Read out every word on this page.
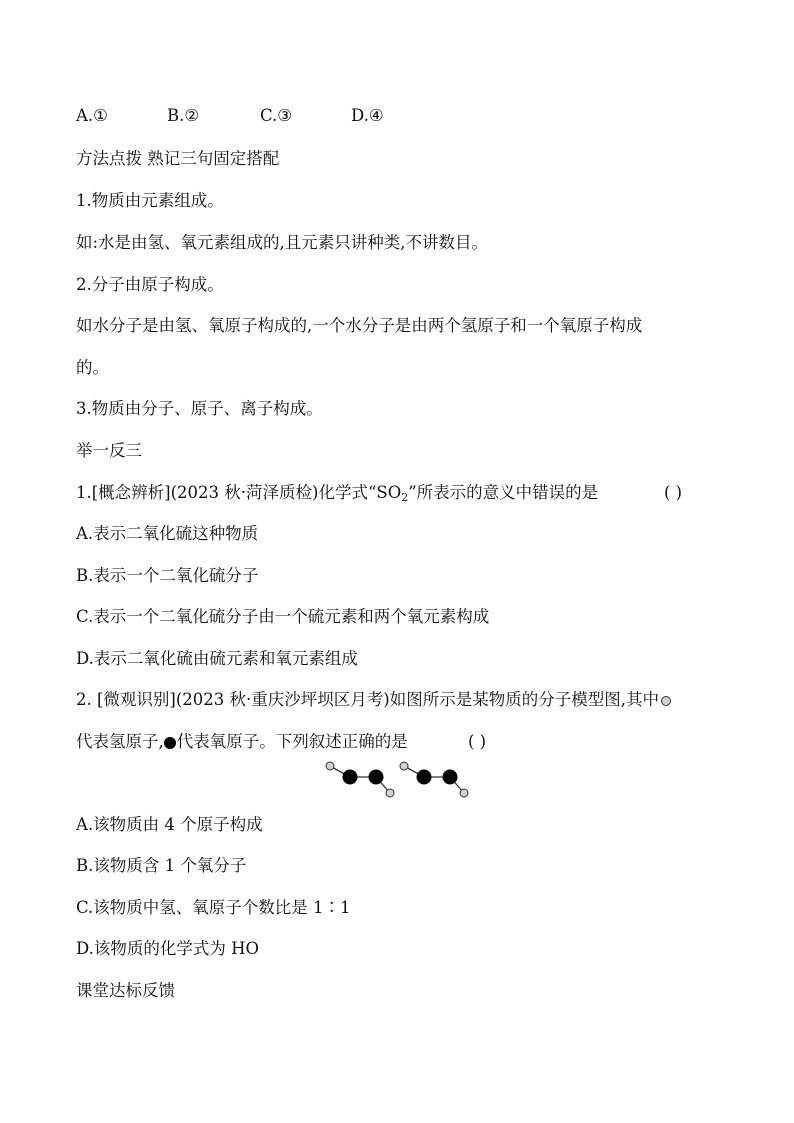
A.①	B.②	C.③	D.④
方法点拨 熟记三句固定搭配
1.物质由元素组成。
如:水是由氢、氧元素组成的,且元素只讲种类,不讲数目。
2.分子由原子构成。
如水分子是由氢、氧原子构成的,一个水分子是由两个氢原子和一个氧原子构成
的。
3.物质由分子、原子、离子构成。
举一反三
1.[概念辨析](2023 秋·菏泽质检)化学式“$SO_2$”所表示的意义中错误的是	( )
A.表示二氧化硫这种物质
B.表示一个二氧化硫分子
C.表示一个二氧化硫分子由一个硫元素和两个氧元素构成
D.表示二氧化硫由硫元素和氧元素组成
2. [微观识别](2023 秋·重庆沙坪坝区月考)如图所示是某物质的分子模型图,其中
代表氢原子, 代表氧原子。下列叙述正确的是	( )
A.该物质由 4 个原子构成
B.该物质含 1 个氧分子
C.该物质中氢、氧原子个数比是 1∶1
D.该物质的化学式为 HO
课堂达标反馈
